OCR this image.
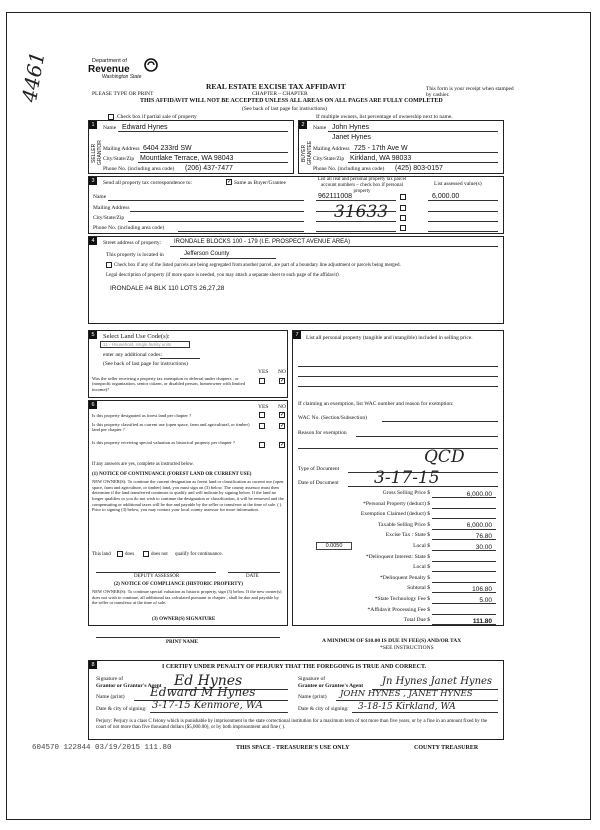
4461	Department of
Revenue
Washington State
REAL ESTATE EXCISE TAX AFFIDAVIT
PLEASE TYPE OR PRINT	CHAPTER – CHAPTER
This form is your receipt when stamped by cashier.
THIS AFFIDAVIT WILL NOT BE ACCEPTED UNLESS ALL AREAS ON ALL PAGES ARE FULLY COMPLETED
(See back of last page for instructions)
Check box if partial sale of property	If multiple owners, list percentage of ownership next to name.
1
SELLER GRANTOR
Name Edward Hynes
Mailing Address 6404 233rd SW
City/State/Zip Mountlake Terrace, WA 98043
Phone No. (including area code) (206) 437-7477
2
BUYER GRANTEE
Name John Hynes
Janet Hynes
Mailing Address 725 - 17th Ave W
City/State/Zip Kirkland, WA 98033
Phone No. (including area code) (425) 803-0157
3	Send all property tax correspondence to:	✓ Same as Buyer/Grantee
List all real and personal property tax parcel account numbers – check box if personal property
List assessed value(s)
Name
Mailing Address
City/State/Zip
Phone No. (including area code)
962111008	6,000.00
31633
4	Street address of property: IRONDALE BLOCKS 100 - 179 (I.E. PROSPECT AVENUE AREA)
This property is located in	Jefferson County
Check box if any of the listed parcels are being segregated from another parcel, are part of a boundary line adjustment or parcels being merged.
Legal description of property (if more space is needed, you may attach a separate sheet to each page of the affidavit)
IRONDALE #4 BLK 110 LOTS 26,27,28
5	Select Land Use Code(s):
11 - Household, single family units
enter any additional codes:
(See back of last page for instructions)
YES NO
Was the seller receiving a property tax exemption or deferral under chapters , or (nonprofit organization, senior citizen, or disabled person, homeowner with limited income)?
✓
6	YES NO
Is this property designated as forest land per chapter ?	✓
Is this property classified as current use (open space, farm and agricultural, or timber) land per chapter ?
✓
Is this property receiving special valuation as historical property per chapter ?	✓
If any answers are yes, complete as instructed below.
(1) NOTICE OF CONTINUANCE (FOREST LAND OR CURRENT USE)
NEW OWNER(S): To continue the current designation as forest land or classification as current use (open space, farm and agriculture, or timber) land, you must sign on (3) below. The county assessor must then determine if the land transferred continues to qualify and will indicate by signing below. If the land no longer qualifies or you do not wish to continue the designation or classification, it will be removed and the compensating or additional taxes will be due and payable by the seller or transferor at the time of sale. ( ). Prior to signing (3) below, you may contact your local county assessor for more information.
This land	does	does not qualify for continuance.
DEPUTY ASSESSOR	DATE
(2) NOTICE OF COMPLIANCE (HISTORIC PROPERTY)
NEW OWNER(S): To continue special valuation as historic property, sign (3) below. If the new owner(s) does not wish to continue, all additional tax calculated pursuant to chapter , shall be due and payable by the seller or transferor at the time of sale.
(3) OWNER(S) SIGNATURE
PRINT NAME
7	List all personal property (tangible and intangible) included in selling price.
If claiming an exemption, list WAC number and reason for exemption:
WAC No. (Section/Subsection)
Reason for exemption
Type of Document
QCD
Date of Document 3-17-15
Gross Selling Price $	6,000.00
*Personal Property (deduct) $
Exemption Claimed (deduct) $
Taxable Selling Price $	6,000.00
Excise Tax : State $	76.80
Local $	30.00
*Delinquent Interest: State $
Local $
*Delinquent Penalty $
Subtotal $	106.80
*State Technology Fee $	5.00
*Affidavit Processing Fee $
Total Due $	111.80
0.0050
A MINIMUM OF $10.00 IS DUE IN FEE(S) AND/OR TAX
*SEE INSTRUCTIONS
8	I CERTIFY UNDER PENALTY OF PERJURY THAT THE FOREGOING IS TRUE AND CORRECT.
Signature of
Grantor or Grantor's Agent Ed Hynes
Name (print) Edward M Hynes
Date & city of signing: 3-17-15 Kenmore, WA
Signature of
Grantee or Grantee's Agent Jn Hynes Janet Hynes
Name (print) JOHN HYNES , JANET HYNES
Date & city of signing: 3-18-15 Kirkland, WA
Perjury: Perjury is a class C felony which is punishable by imprisonment in the state correctional institution for a maximum term of not more than five years, or by a fine in an amount fixed by the court of not more than five thousand dollars ($5,000.00), or by both imprisonment and fine ( ).
604570 122844 03/19/2015 111.80	THIS SPACE - TREASURER'S USE ONLY	COUNTY TREASURER
